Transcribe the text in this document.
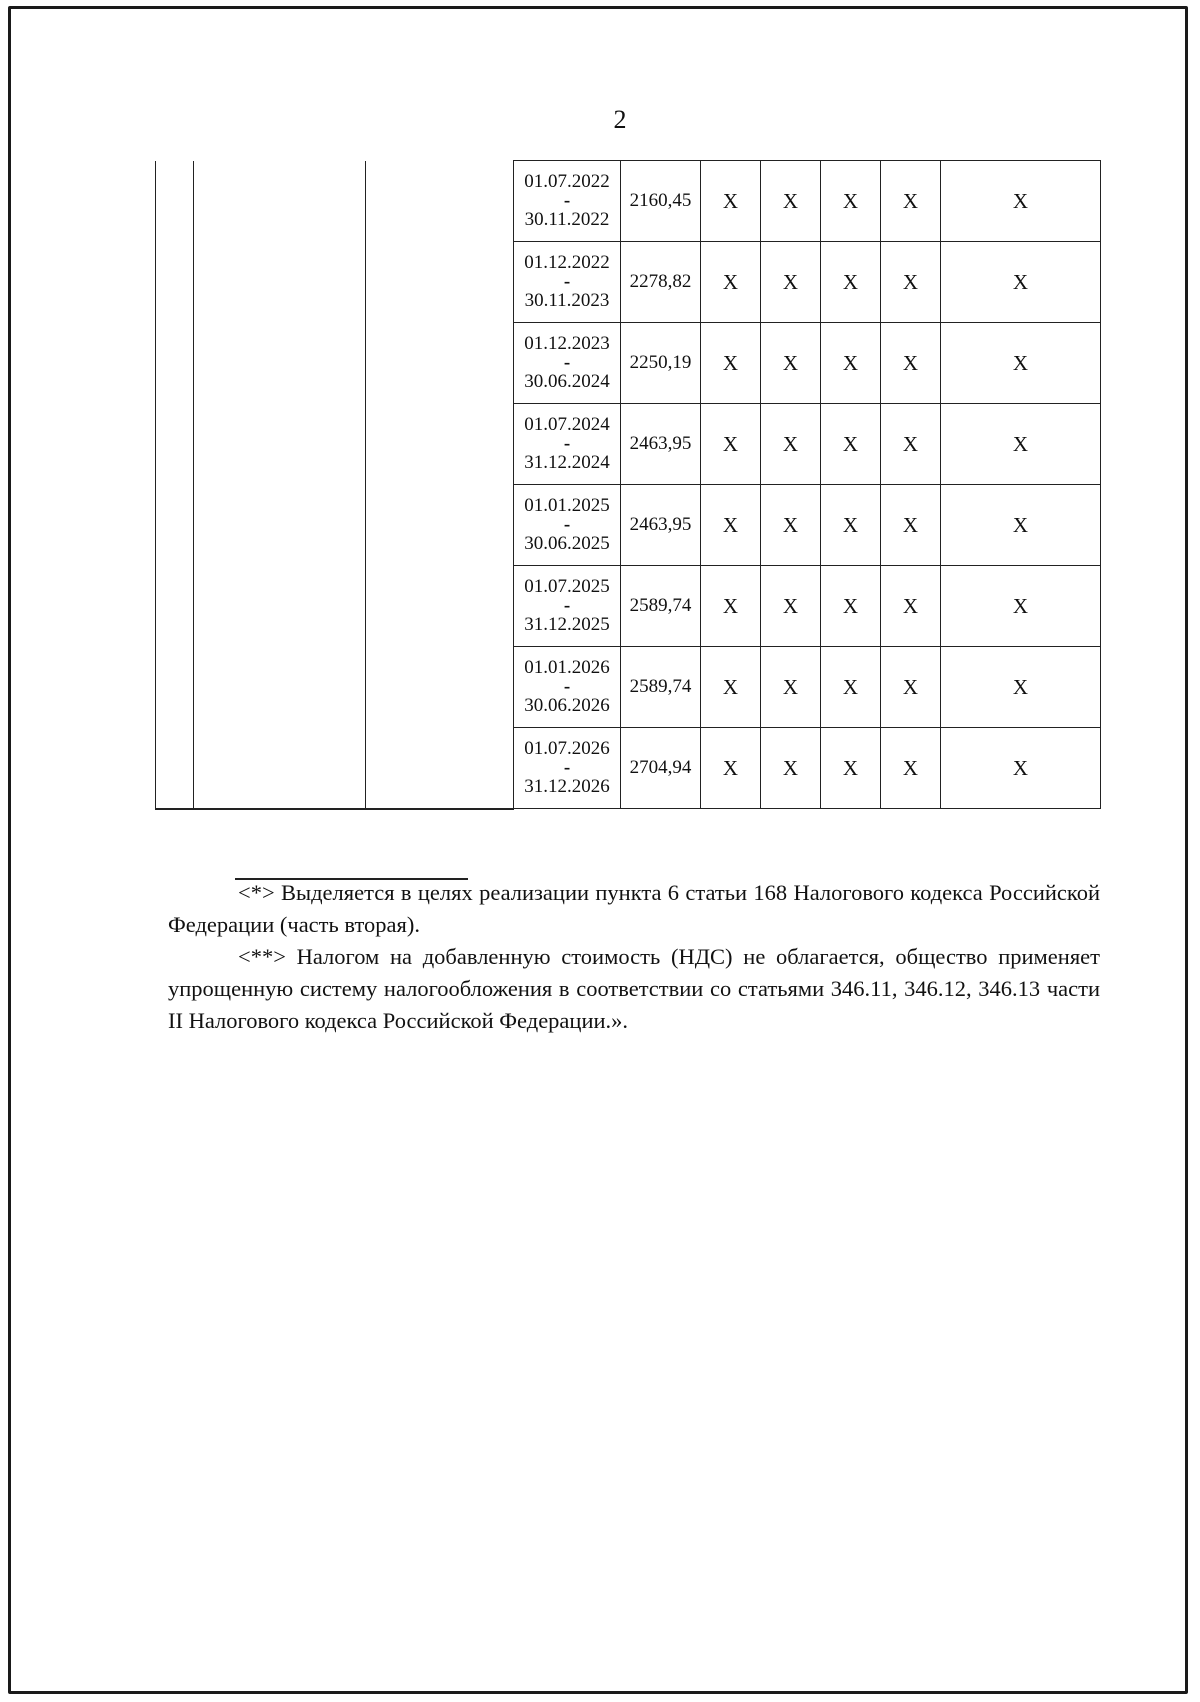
2

			01.07.2022
-
30.11.2022	2160,45	X	X	X	X	X

			01.12.2022
-
30.11.2023	2278,82	X	X	X	X	X

			01.12.2023
-
30.06.2024	2250,19	X	X	X	X	X

			01.07.2024
-
31.12.2024	2463,95	X	X	X	X	X

			01.01.2025
-
30.06.2025	2463,95	X	X	X	X	X

			01.07.2025
-
31.12.2025	2589,74	X	X	X	X	X

			01.01.2026
-
30.06.2026	2589,74	X	X	X	X	X

			01.07.2026
-
31.12.2026	2704,94	X	X	X	X	X

<*> Выделяется в целях реализации пункта 6 статьи 168 Налогового кодекса Российской Федерации (часть вторая).

<**> Налогом на добавленную стоимость (НДС) не облагается, общество применяет упрощенную систему налогообложения в соответствии со статьями 346.11, 346.12, 346.13 части II Налогового кодекса Российской Федерации.».
